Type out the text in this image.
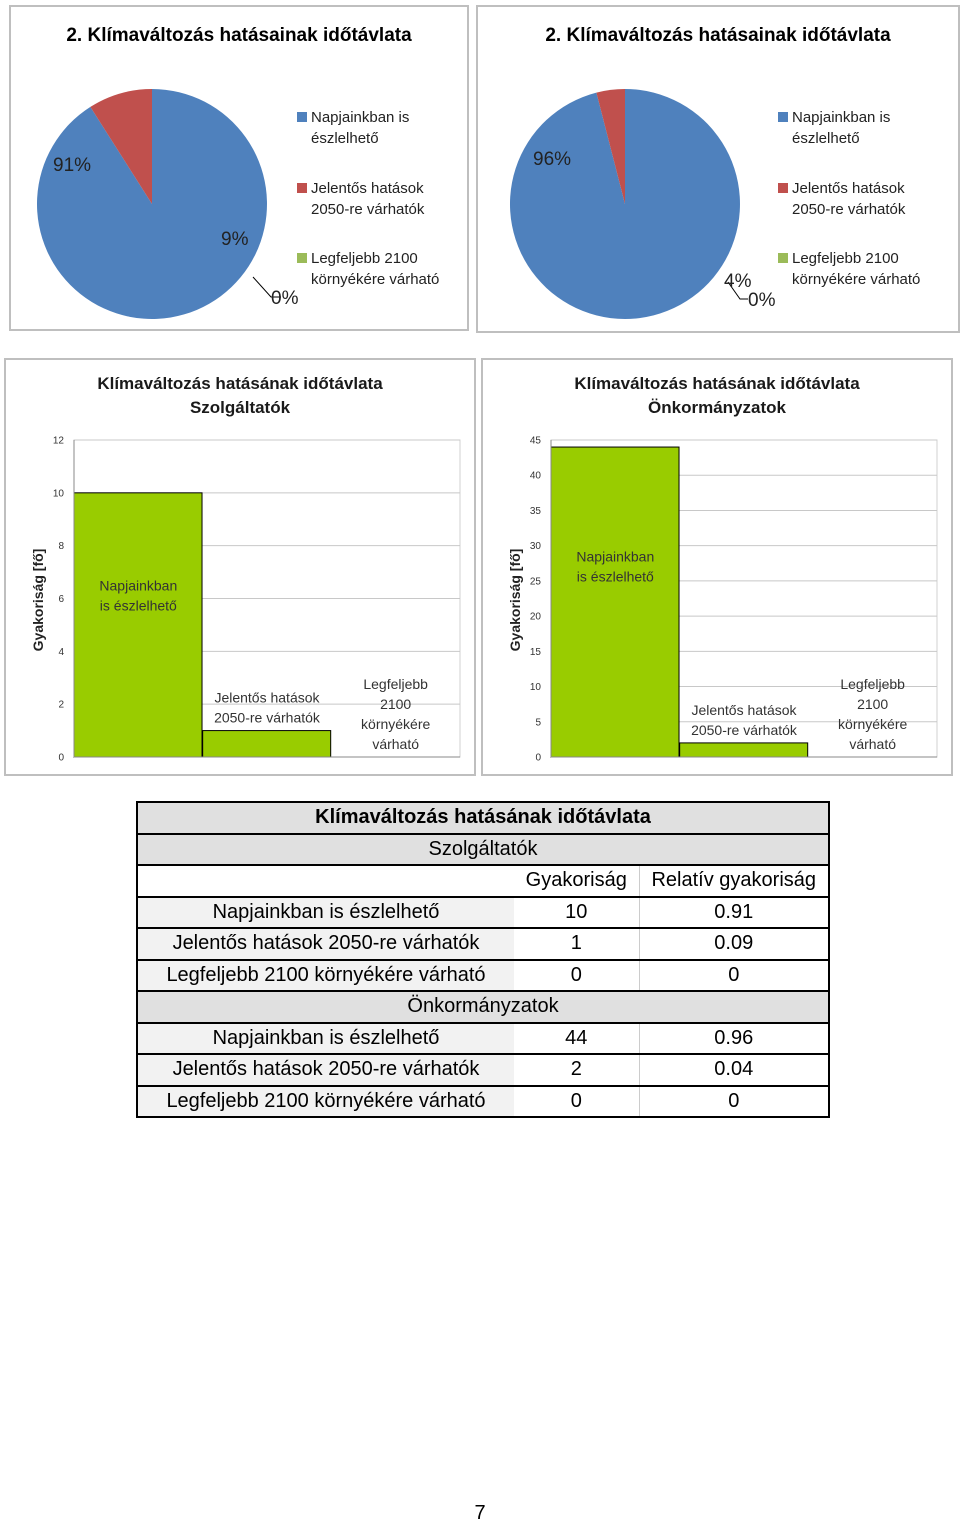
2. Klímaváltozás hatásainak időtávlata
91%
9%
0%
Napjainkban is
észlelhető
Jelentős hatások
2050-re várhatók
Legfeljebb 2100
környékére várható
2. Klímaváltozás hatásainak időtávlata
96%
4%
0%
Napjainkban is
észlelhető
Jelentős hatások
2050-re várhatók
Legfeljebb 2100
környékére várható
Klímaváltozás hatásának időtávlata
Szolgáltatók
Gyakoriság [fő]
0
2
4
6
8
10
12
Napjainkban
is észlelhető
Jelentős hatások
2050-re várhatók
Legfeljebb
2100
környékére
várható
Klímaváltozás hatásának időtávlata
Önkormányzatok
Gyakoriság [fő]
0
5
10
15
20
25
30
35
40
45
Napjainkban
is észlelhető
Jelentős hatások
2050-re várhatók
Legfeljebb
2100
környékére
várható
Klímaváltozás hatásának időtávlata		
Szolgáltatók		
	Gyakoriság	Relatív gyakoriság
Napjainkban is észlelhető	10	0.91
Jelentős hatások 2050-re várhatók	1	0.09
Legfeljebb 2100 környékére várható	0	0
Önkormányzatok		
Napjainkban is észlelhető	44	0.96
Jelentős hatások 2050-re várhatók	2	0.04
Legfeljebb 2100 környékére várható	0	0
7
